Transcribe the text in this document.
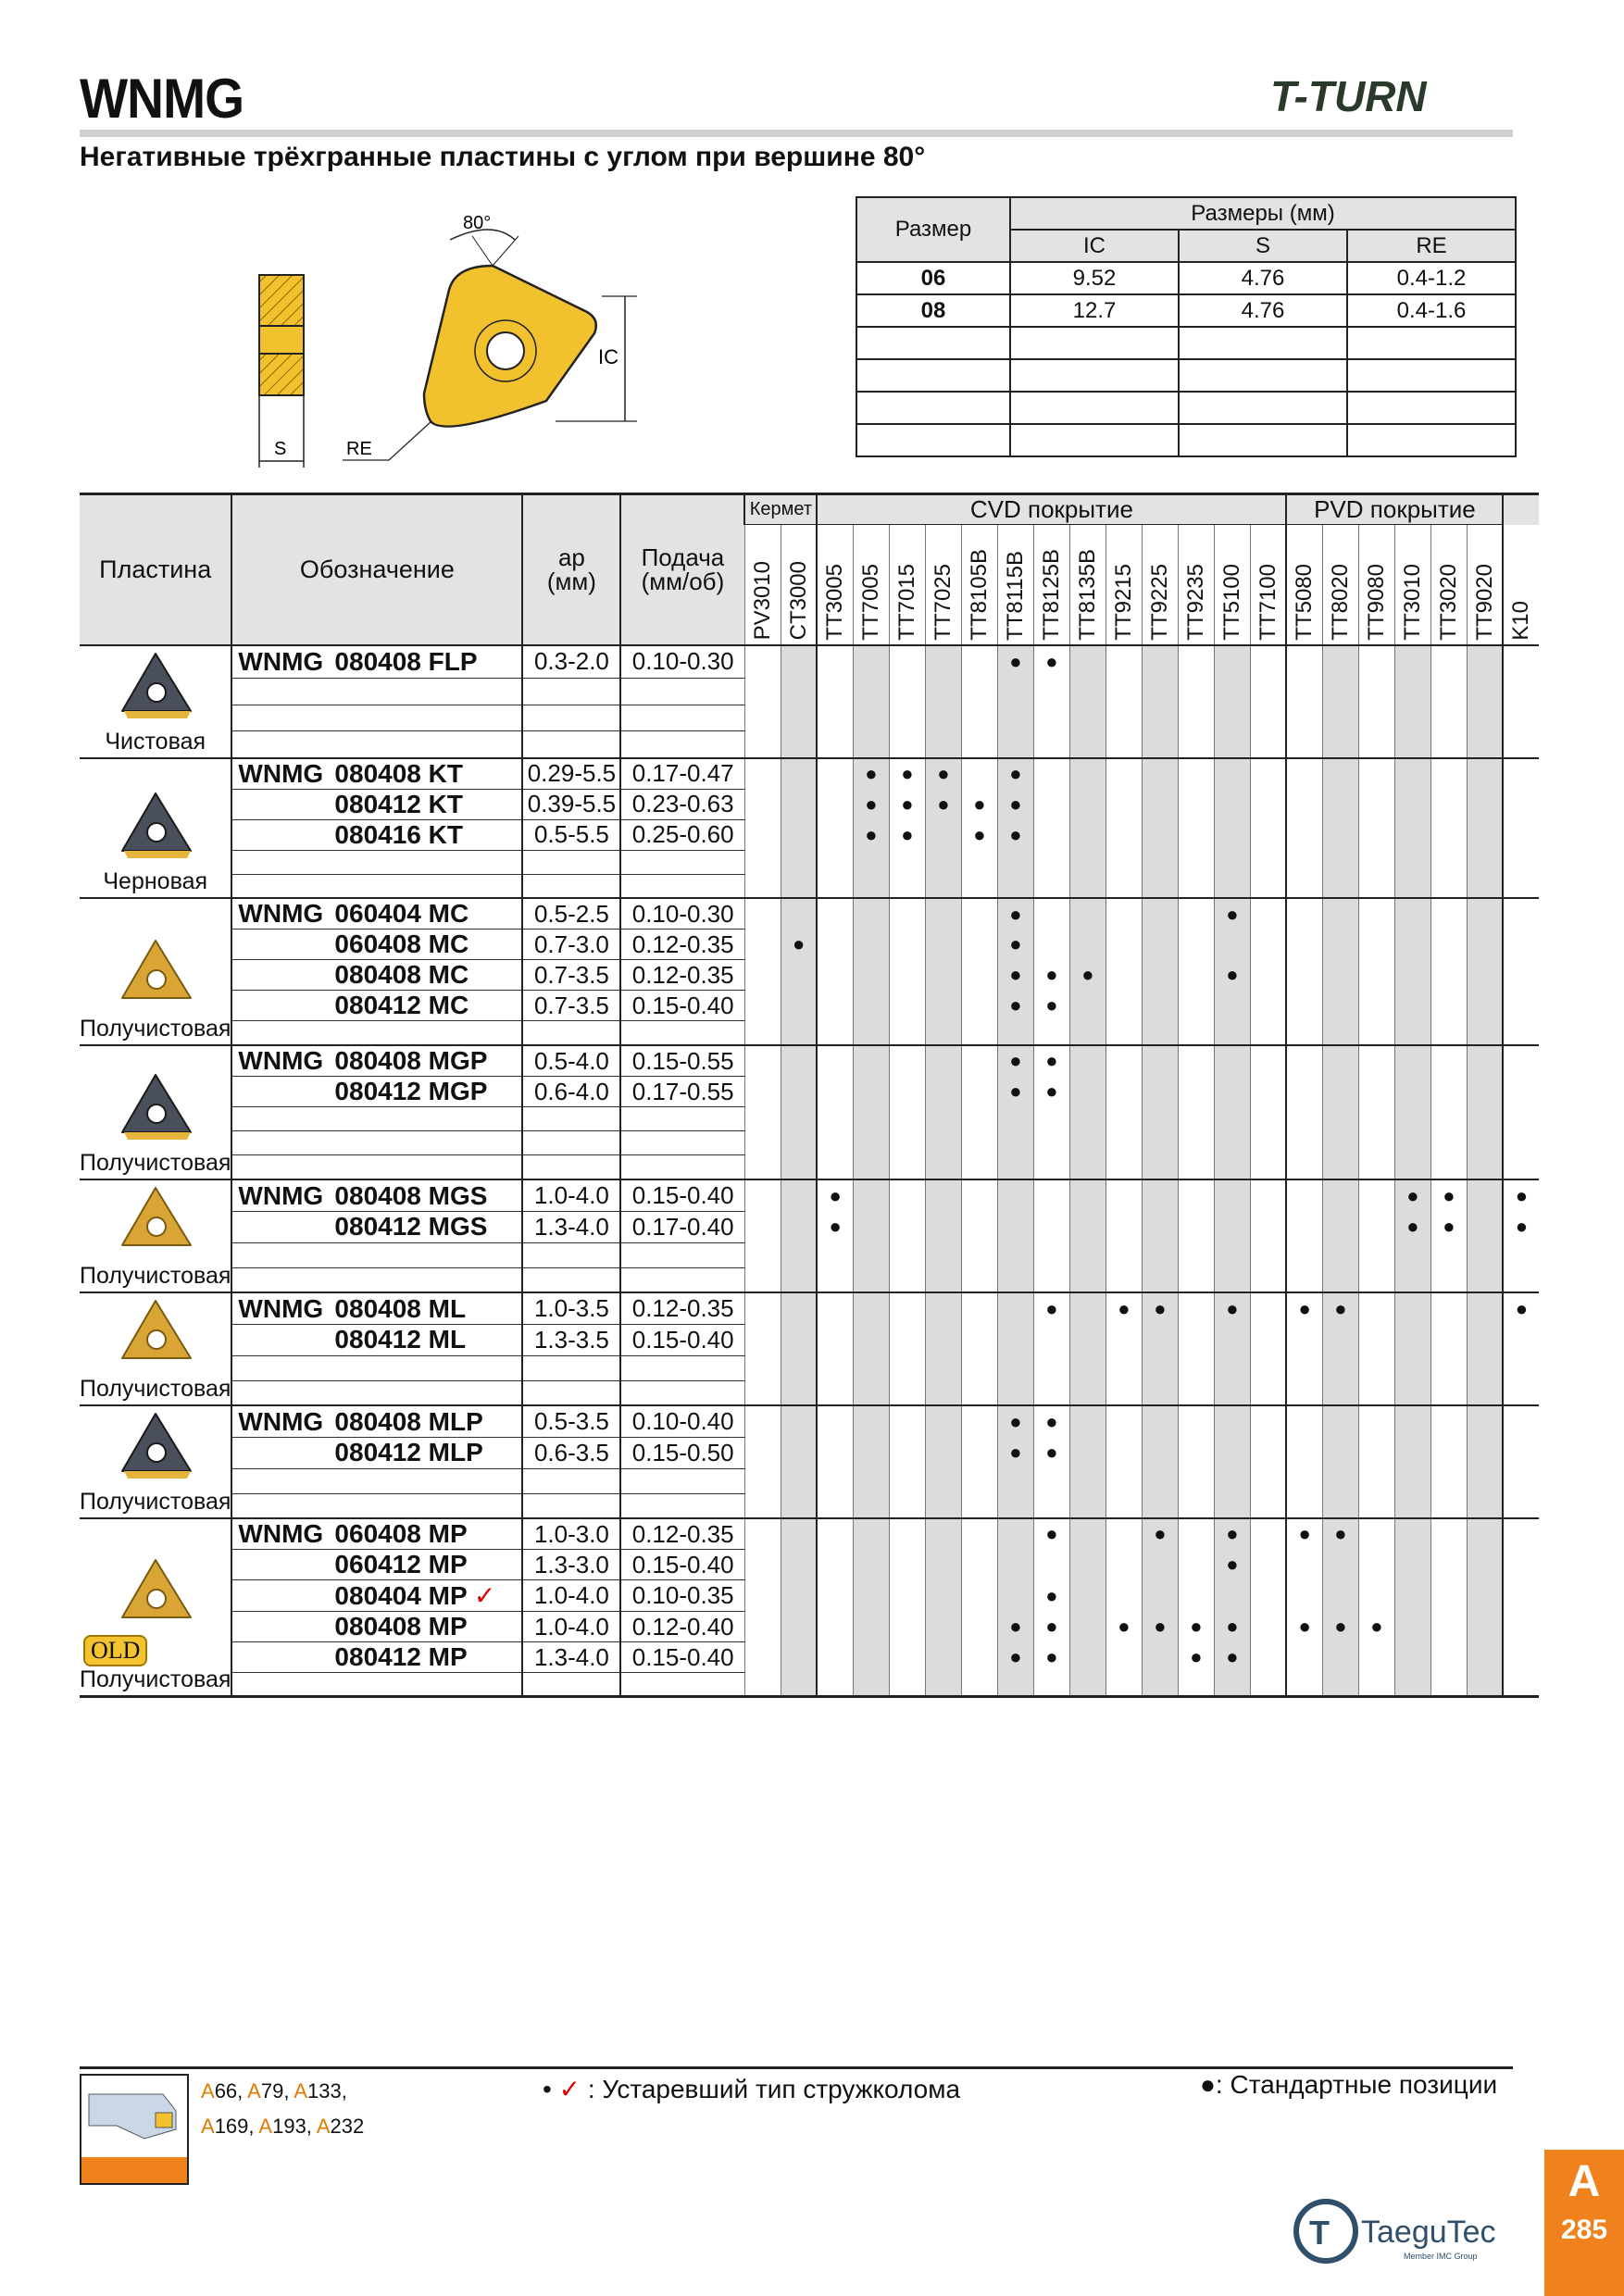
WNMG	T-TURN
Негативные трёхгранные пластины с углом при вершине 80°
S
IC
80°
RE
Размер	Размеры (мм)		
	IC	S	RE
06	9.52	4.76	0.4-1.2
08	12.7	4.76	0.4-1.6

Пластина	Обозначение	ap
(мм)	Подача
(мм/об)	Кермет		CVD покрытие													PVD покрытие						

				PV3010	CT3000	TT3005	TT7005	TT7015	TT7025	TT8105B	TT8115B	TT8125B	TT8135B	TT9215	TT9225	TT9235	TT5100	TT7100	TT5080	TT8020	TT9080	TT3010	TT3020	TT9020	K10

Чистовая	WNMG 080408 FLP	0.3-2.0	0.10-0.30								●	●													

Черновая	WNMG 080408 KT	0.29-5.5	0.17-0.47				●	●	●		●														
	080412 KT	0.39-5.5	0.23-0.63				●	●	●	●	●														
	080416 KT	0.5-5.5	0.25-0.60				●	●		●	●														

Получистовая	WNMG 060404 MC	0.5-2.5	0.10-0.30								●						●								
	060408 MC	0.7-3.0	0.12-0.35		●						●														
	080408 MC	0.7-3.5	0.12-0.35								●	●	●				●								
	080412 MC	0.7-3.5	0.15-0.40								●	●													

Получистовая	WNMG 080408 MGP	0.5-4.0	0.15-0.55								●	●													
	080412 MGP	0.6-4.0	0.17-0.55								●	●													

Получистовая	WNMG 080408 MGS	1.0-4.0	0.15-0.40			●																●	●		●
	080412 MGS	1.3-4.0	0.17-0.40			●																●	●		●

Получистовая	WNMG 080408 ML	1.0-3.5	0.12-0.35									●		●	●		●		●	●					●
	080412 ML	1.3-3.5	0.15-0.40																						

Получистовая	WNMG 080408 MLP	0.5-3.5	0.10-0.40								●	●													
	080412 MLP	0.6-3.5	0.15-0.50								●	●													

OLD
Получистовая	WNMG 060408 MP	1.0-3.0	0.12-0.35									●			●		●		●	●					
	060412 MP	1.3-3.0	0.15-0.40														●								
	080404 MP ✓	1.0-4.0	0.10-0.35									●													
	080408 MP	1.0-4.0	0.12-0.40								●	●		●	●	●	●		●	●	●				
	080412 MP	1.3-4.0	0.15-0.40								●	●				●	●								

A66, A79, A133,
A169, A193, A232
• ✓ : Устаревший тип стружколома	●: Стандартные позиции
T TaeguTec
Member IMC Group
A
285
